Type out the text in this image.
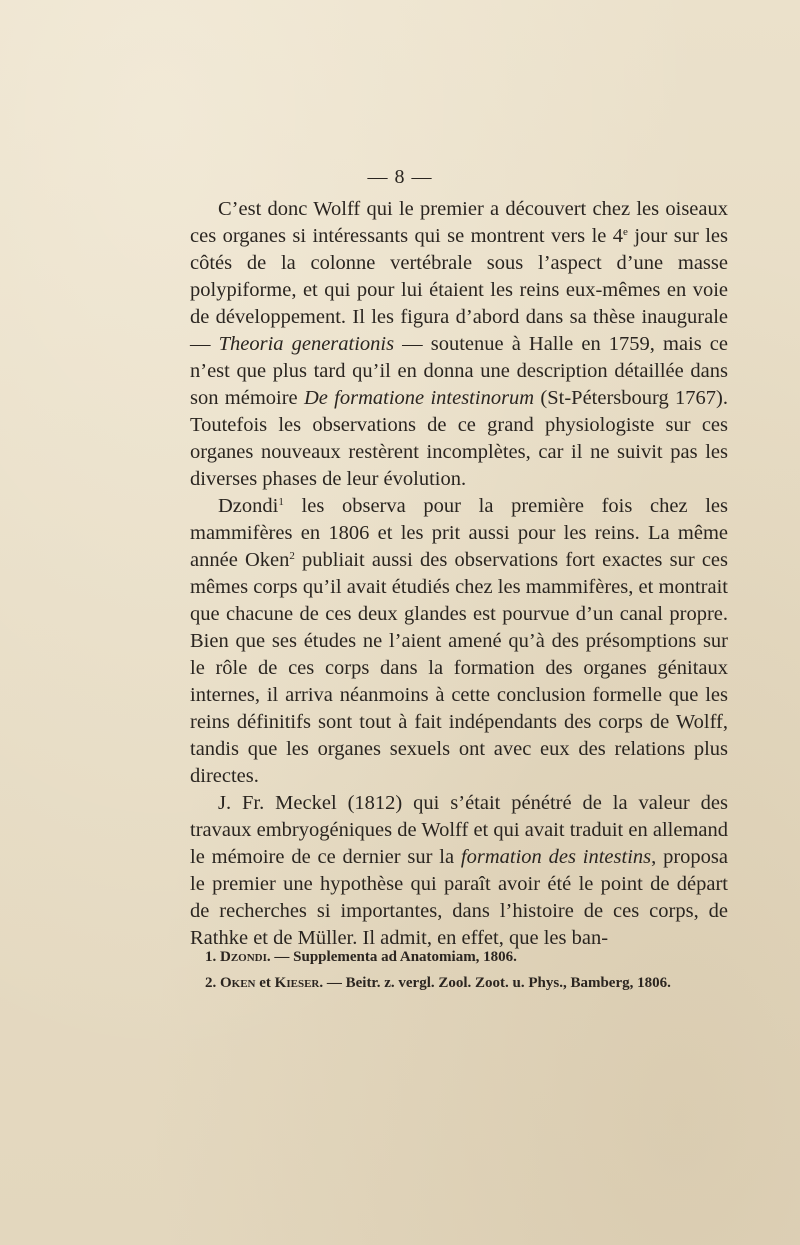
— 8 —

C’est donc Wolff qui le premier a découvert chez les oiseaux ces organes si intéressants qui se montrent vers le 4e jour sur les côtés de la colonne vertébrale sous l’aspect d’une masse polypiforme, et qui pour lui étaient les reins eux-mêmes en voie de développement. Il les figura d’abord dans sa thèse inaugurale — Theoria generationis — soutenue à Halle en 1759, mais ce n’est que plus tard qu’il en donna une description détaillée dans son mémoire De formatione intestinorum (St-Pétersbourg 1767). Toutefois les observations de ce grand physiologiste sur ces organes nouveaux restèrent incomplètes, car il ne suivit pas les diverses phases de leur évolution.

Dzondi$^1$ les observa pour la première fois chez les mammifères en 1806 et les prit aussi pour les reins. La même année Oken$^2$ publiait aussi des observations fort exactes sur ces mêmes corps qu’il avait étudiés chez les mammifères, et montrait que chacune de ces deux glandes est pourvue d’un canal propre. Bien que ses études ne l’aient amené qu’à des présomptions sur le rôle de ces corps dans la formation des organes génitaux internes, il arriva néanmoins à cette conclusion formelle que les reins définitifs sont tout à fait indépendants des corps de Wolff, tandis que les organes sexuels ont avec eux des relations plus directes.

J. Fr. Meckel (1812) qui s’était pénétré de la valeur des travaux embryogéniques de Wolff et qui avait traduit en allemand le mémoire de ce dernier sur la formation des intestins, proposa le premier une hypothèse qui paraît avoir été le point de départ de recherches si importantes, dans l’histoire de ces corps, de Rathke et de Müller. Il admit, en effet, que les ban-

1. Dzondi. — Supplementa ad Anatomiam, 1806.

2. Oken et Kieser. — Beitr. z. vergl. Zool. Zoot. u. Phys., Bamberg, 1806.
